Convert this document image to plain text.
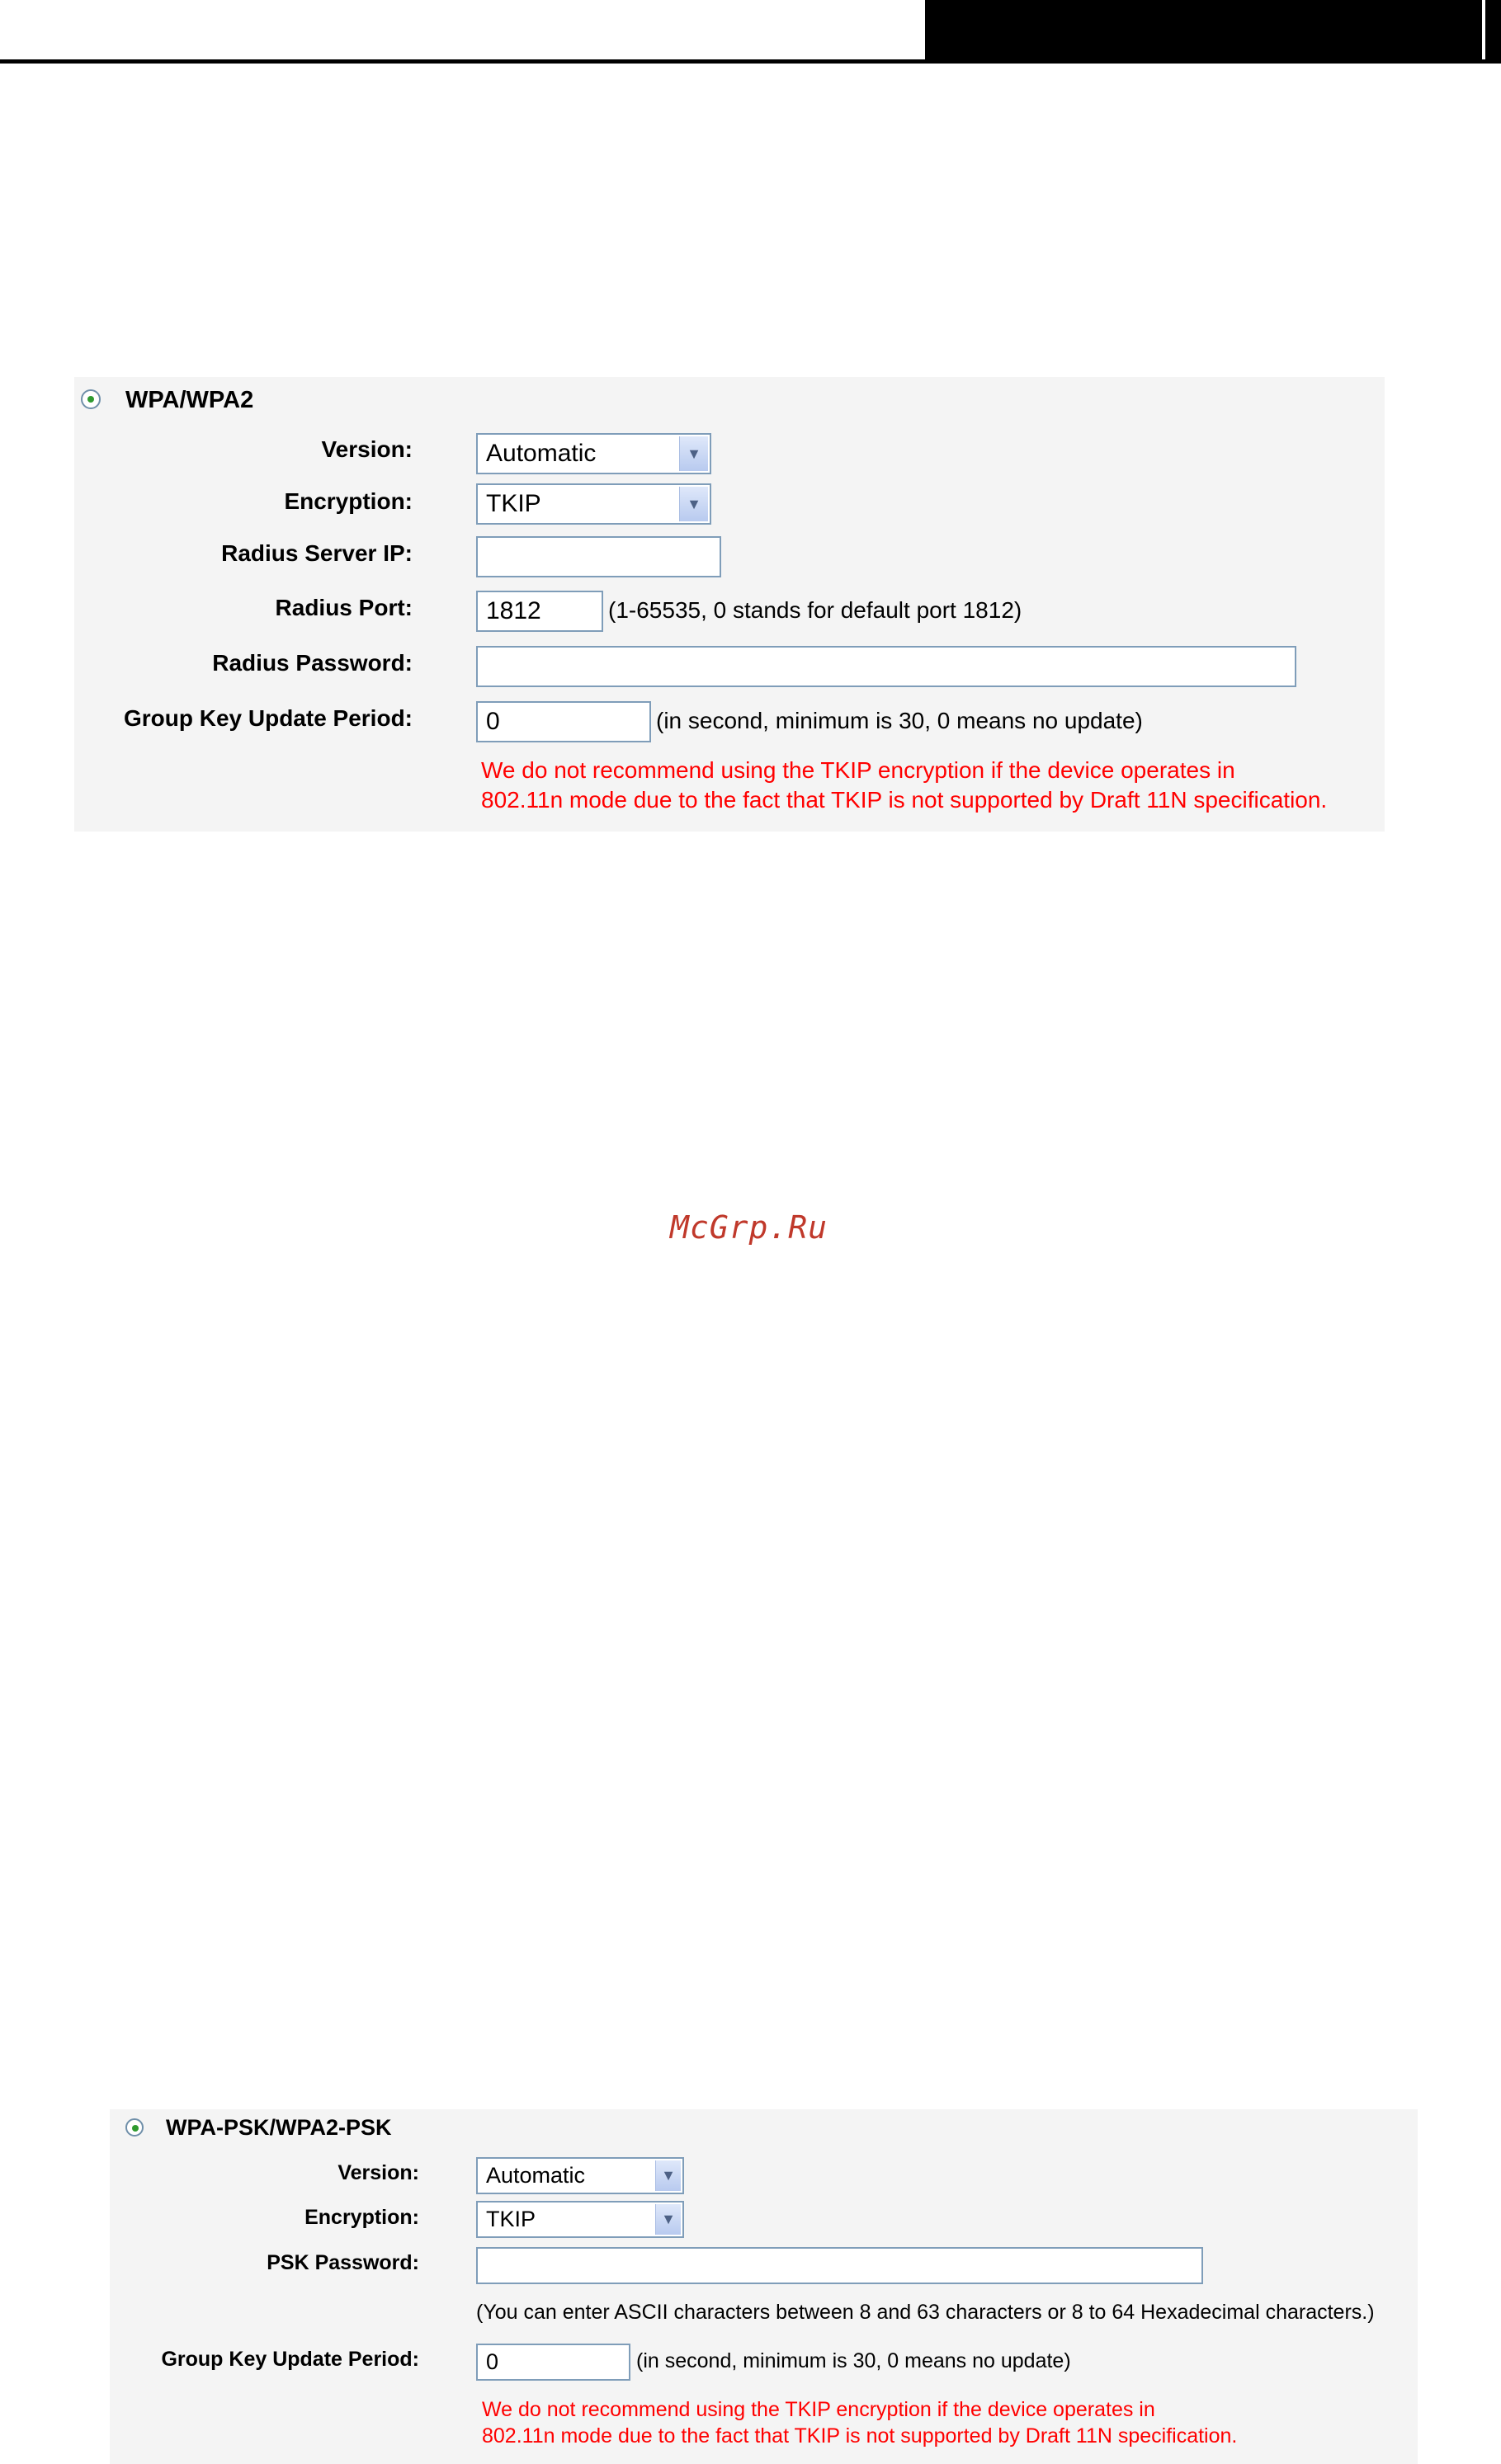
WPA/WPA2
Version:	Automatic	▼
Encryption:	TKIP	▼
Radius Server IP:
Radius Port:	1812	(1-65535, 0 stands for default port 1812)
Radius Password:
Group Key Update Period:	0	(in second, minimum is 30, 0 means no update)
We do not recommend using the TKIP encryption if the device operates in
802.11n mode due to the fact that TKIP is not supported by Draft 11N specification.
McGrp.Ru
WPA-PSK/WPA2-PSK
Version:	Automatic	▼
Encryption:	TKIP	▼
PSK Password:
(You can enter ASCII characters between 8 and 63 characters or 8 to 64 Hexadecimal characters.)
Group Key Update Period:	0	(in second, minimum is 30, 0 means no update)
We do not recommend using the TKIP encryption if the device operates in
802.11n mode due to the fact that TKIP is not supported by Draft 11N specification.
